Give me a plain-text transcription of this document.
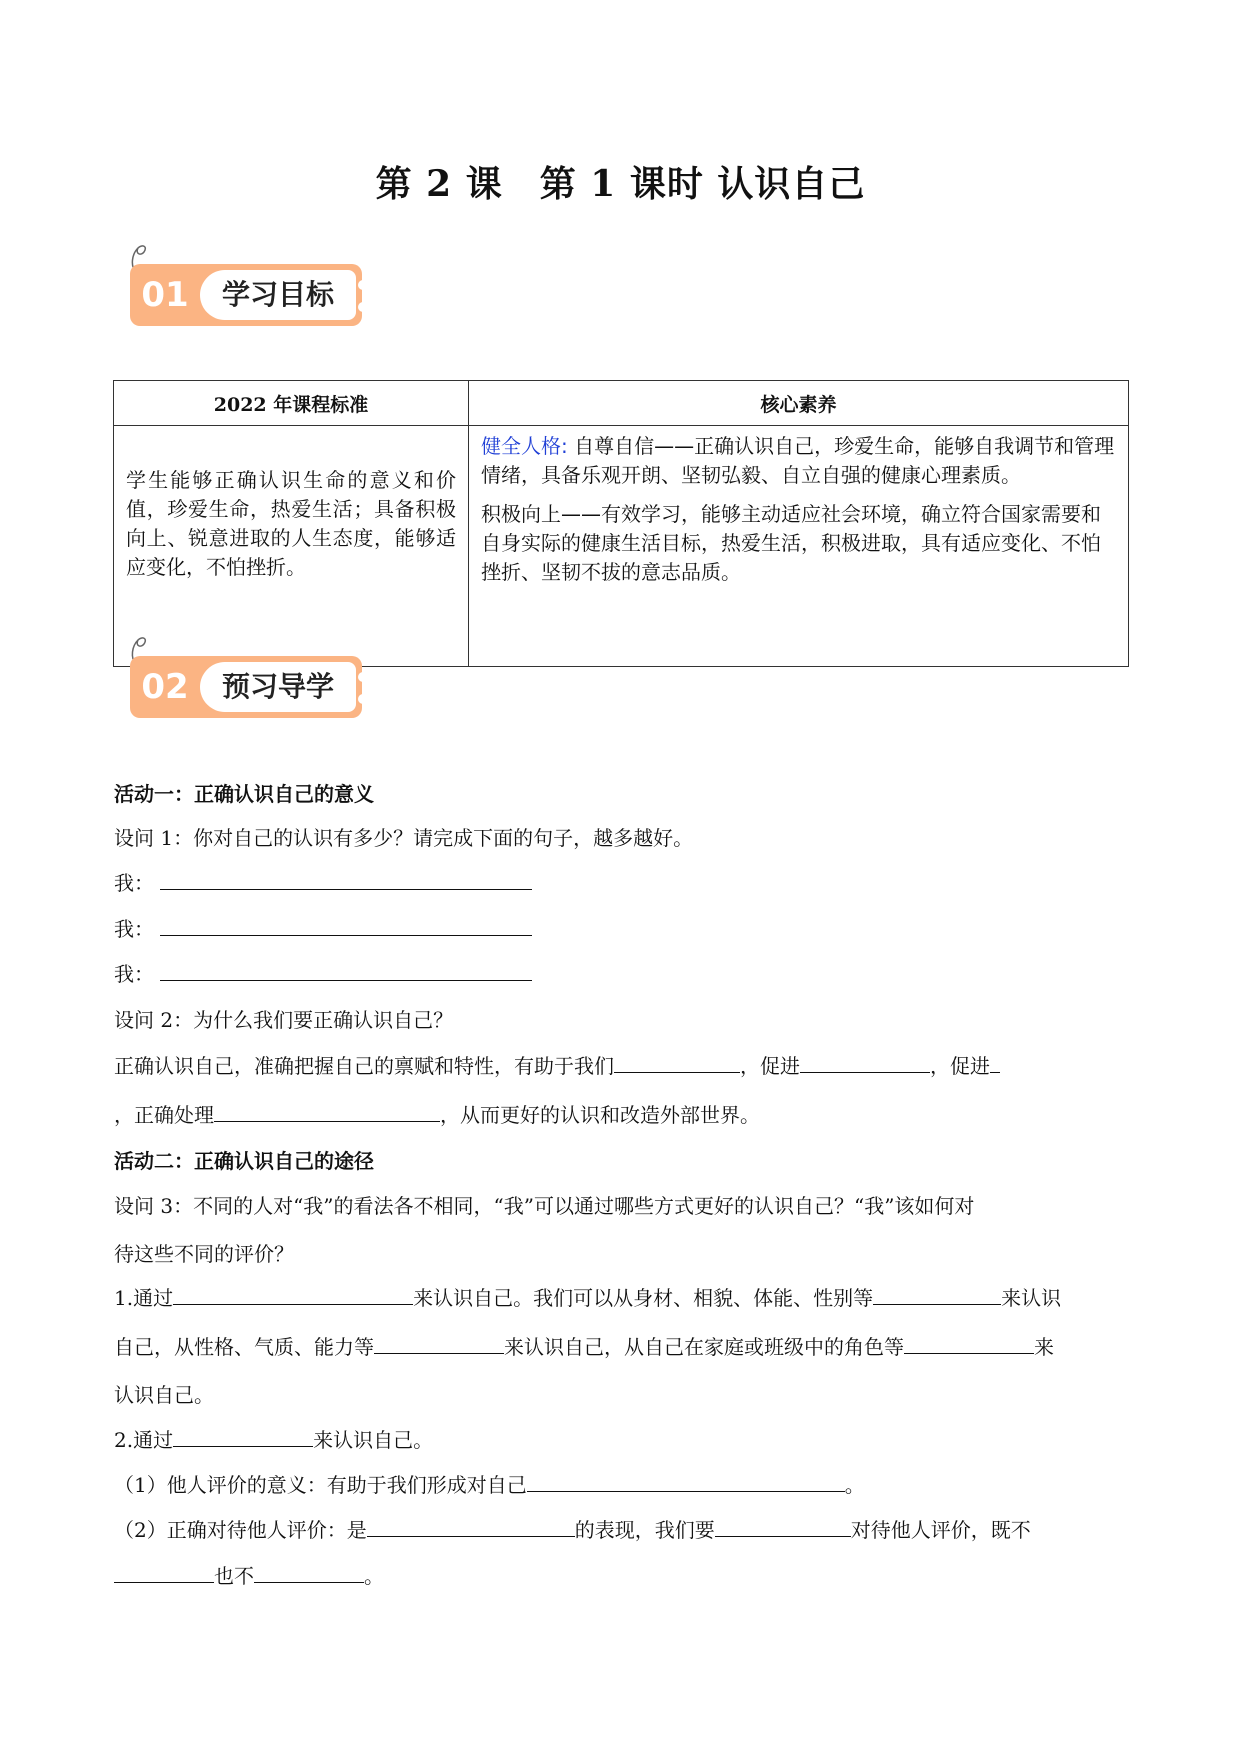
第 2 课　第 1 课时 认识自己
01	学习目标
2022 年课程标准	核心素养
学生能够正确认识生命的意义和价值，珍爱生命，热爱生活；具备积极向上、锐意进取的人生态度，能够适应变化，不怕挫折。	健全人格: 自尊自信——正确认识自己，珍爱生命，能够自我调节和管理情绪，具备乐观开朗、坚韧弘毅、自立自强的健康心理素质。

积极向上——有效学习，能够主动适应社会环境，确立符合国家需要和自身实际的健康生活目标，热爱生活，积极进取，具有适应变化、不怕挫折、坚韧不拔的意志品质。

02	预习导学
活动一：正确认识自己的意义
设问 1：你对自己的认识有多少？请完成下面的句子，越多越好。
我：
我：
我：
设问 2：为什么我们要正确认识自己？
正确认识自己，准确把握自己的禀赋和特性，有助于我们	，促进	，促进
，正确处理	，从而更好的认识和改造外部世界。
活动二：正确认识自己的途径
设问 3：不同的人对“我”的看法各不相同，“我”可以通过哪些方式更好的认识自己？“我”该如何对
待这些不同的评价？
1.通过	来认识自己。我们可以从身材、相貌、体能、性别等	来认识
自己，从性格、气质、能力等	来认识自己，从自己在家庭或班级中的角色等	来
认识自己。
2.通过	来认识自己。
（1）他人评价的意义：有助于我们形成对自己	。
（2）正确对待他人评价：是	的表现，我们要	对待他人评价，既不
也不	。
